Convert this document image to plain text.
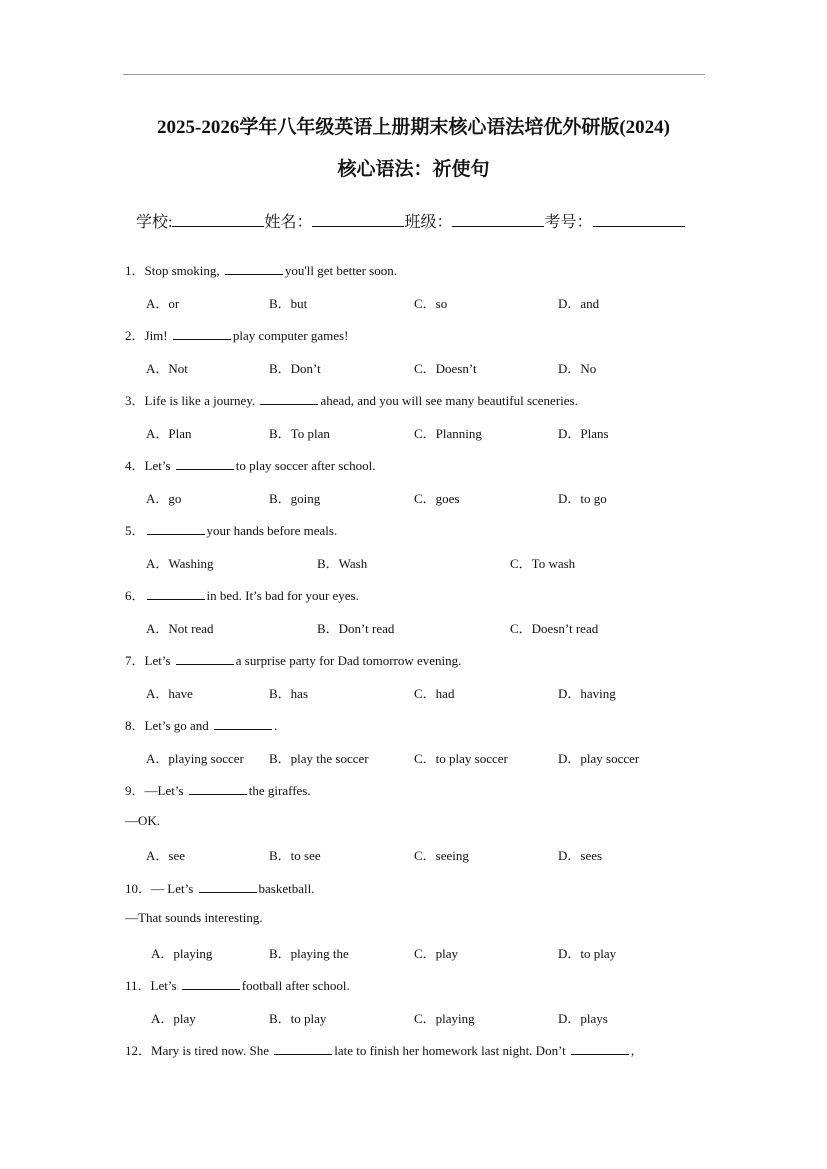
2025-2026学年八年级英语上册期末核心语法培优外研版(2024)
核心语法：祈使句
学校:	姓名：	班级：	考号：
1．Stop smoking,	you'll get better soon.
A．or	B．but	C．so	D．and
2．Jim!	play computer games!
A．Not	B．Don’t	C．Doesn’t	D．No
3．Life is like a journey.	ahead, and you will see many beautiful sceneries.
A．Plan	B．To plan	C．Planning	D．Plans
4．Let’s	to play soccer after school.
A．go	B．going	C．goes	D．to go
5．	your hands before meals.
A．Washing	B．Wash	C．To wash
6．	in bed. It’s bad for your eyes.
A．Not read	B．Don’t read	C．Doesn’t read
7．Let’s	a surprise party for Dad tomorrow evening.
A．have	B．has	C．had	D．having
8．Let’s go and	.
A．playing soccer B．play the soccer	C．to play soccer	D．play soccer
9．—Let’s	the giraffes.
—OK.
A．see	B．to see	C．seeing	D．sees
10．— Let’s	basketball.
—That sounds interesting.
A．playing	B．playing the	C．play	D．to play
11．Let’s	football after school.
A．play	B．to play	C．playing	D．plays
12．Mary is tired now. She	late to finish her homework last night. Don’t	,
